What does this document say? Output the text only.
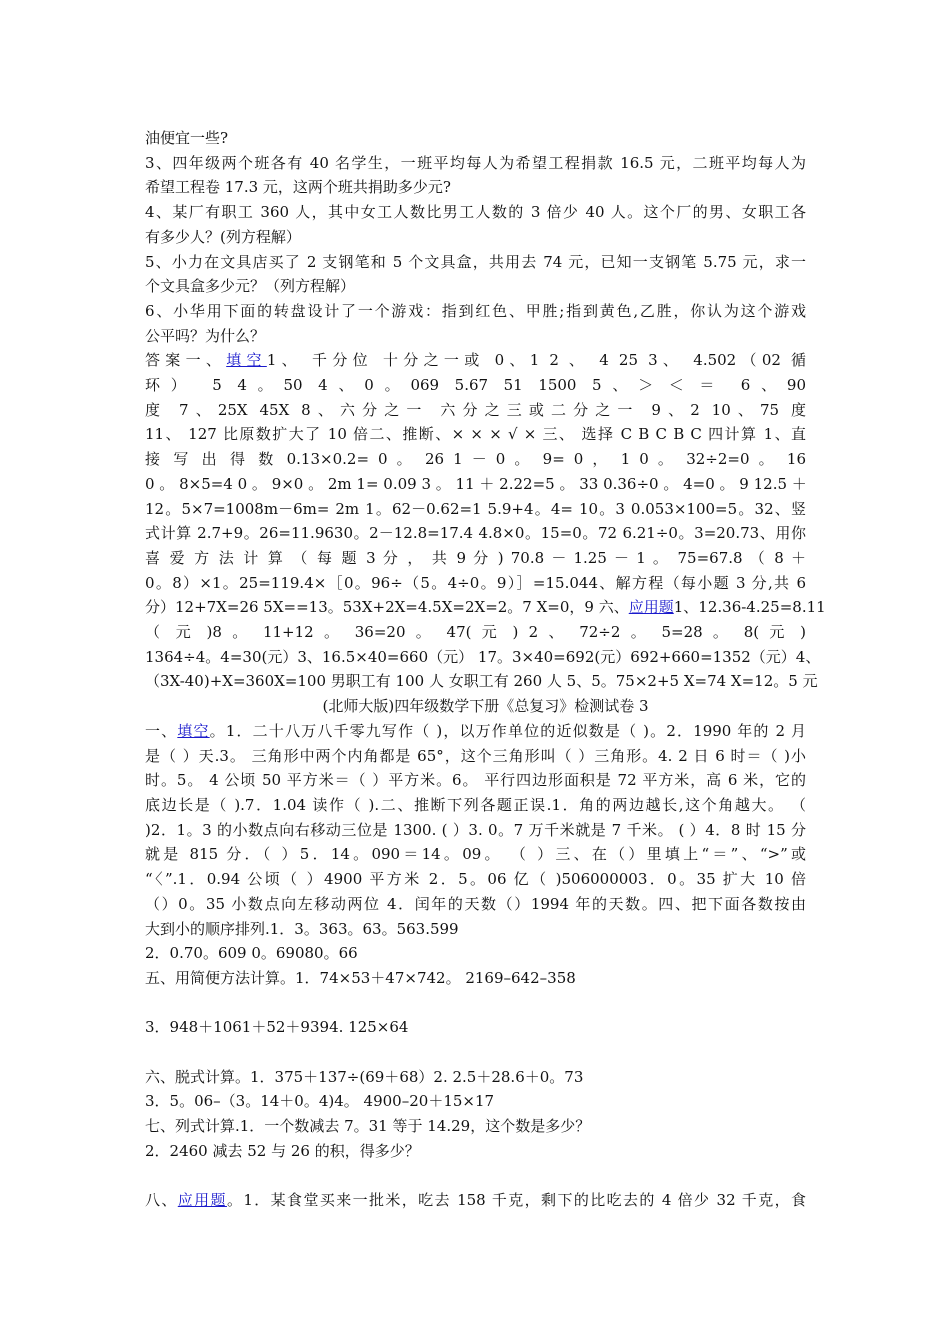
油便宜一些?
3、四年级两个班各有 40 名学生，一班平均每人为希望工程捐款 16.5 元，二班平均每人为
希望工程卷 17.3 元，这两个班共捐助多少元?
4、某厂有职工 360 人，其中女工人数比男工人数的 3 倍少 40 人。这个厂的男、女职工各
有多少人？(列方程解）
5、小力在文具店买了 2 支钢笔和 5 个文具盒，共用去 74 元，已知一支钢笔 5.75 元，求一
个文具盒多少元？（列方程解）
6、小华用下面的转盘设计了一个游戏：指到红色、甲胜;指到黄色,乙胜，你认为这个游戏
公平吗？为什么？
答案一、填空1、 千分位 十分之一或 0、1 2 、 4 25 3、 4.502（02 循
环） 5 4。50 4、0。069 5.67 51 1500 5、＞ ＜ ＝ 6、90
度 7、25X 45X 8、六分之一 六分之三或二分之一 9、2 10、75 度
11、 127 比原数扩大了 10 倍二、推断、× × × √ × 三、 选择 C B C B C 四计算 1、直
接 写 出 得 数 0.13×0.2= 0 。 26 1 － 0 。 9= 0 ， 1 0 。 32÷2=0 。 16
0 。 8×5=4 0 。 9×0 。 2m 1= 0.09 3 。 11 ＋ 2.22=5 。 33 0.36÷0 。 4=0 。 9 12.5 ＋
12。5×7=1008m－6m= 2m 1。62－0.62=1 5.9+4。4= 10。3 0.053×100=5。32、竖
式计算 2.7+9。26=11.9630。2－12.8=17.4 4.8×0。15=0。72 6.21÷0。3=20.73、用你
喜 爱 方 法 计 算 （ 每 题 3 分 ， 共 9 分 ) 70.8 － 1.25 － 1 。 75=67.8 （ 8 ＋
0。8）×1。25=119.4×［0。96÷（5。4÷0。9）］=15.044、解方程（每小题 3 分,共 6
分）12+7X=26 5X==13。53X+2X=4.5X=2X=2。7 X=0，9 六、应用题1、12.36-4.25=8.11
（ 元 )8 。 11+12 。 36=20 。 47( 元 ) 2 、 72÷2 。 5=28 。 8( 元 )
1364÷4。4=30(元）3、16.5×40=660（元） 17。3×40=692(元）692+660=1352（元）4、
（3X-40)+X=360X=100 男职工有 100 人 女职工有 260 人 5、5。75×2+5 X=74 X=12。5 元
(北师大版)四年级数学下册《总复习》检测试卷 3
一、填空。1．二十八万八千零九写作（ )，以万作单位的近似数是（ )。2．1990 年的 2 月
是（ ）天.3。 三角形中两个内角都是 65°，这个三角形叫（ ）三角形。4. 2 日 6 时＝（ )小
时。5。 4 公顷 50 平方米＝（ ）平方米。6。 平行四边形面积是 72 平方米，高 6 米，它的
底边长是（ ).7．1.04 读作（ ).二、推断下列各题正误.1．角的两边越长,这个角越大。 （
)2．1。3 的小数点向右移动三位是 1300. ( ）3. 0。7 万千米就是 7 千米。 ( ）4．8 时 15 分
就是 815 分．（ ）5．14。090＝14。09。 （ ）三、在（）里填上“＝”、“>”或
“〈”.1．0.94 公顷（ ）4900 平方米 2．5。06 亿（ )506000003．0。35 扩大 10 倍
（）0。35 小数点向左移动两位 4．闰年的天数（）1994 年的天数。四、把下面各数按由
大到小的顺序排列.1．3。363。63。563.599
2．0.70。609 0。69080。66
五、用简便方法计算。1．74×53＋47×742。 2169–642–358
3．948＋1061＋52＋9394. 125×64
六、脱式计算。1．375＋137÷(69＋68）2. 2.5＋28.6＋0。73
3．5。06–（3。14＋0。4)4。 4900–20＋15×17
七、列式计算.1．一个数减去 7。31 等于 14.29，这个数是多少？
2．2460 减去 52 与 26 的积，得多少？
八、应用题。1．某食堂买来一批米，吃去 158 千克，剩下的比吃去的 4 倍少 32 千克，食
